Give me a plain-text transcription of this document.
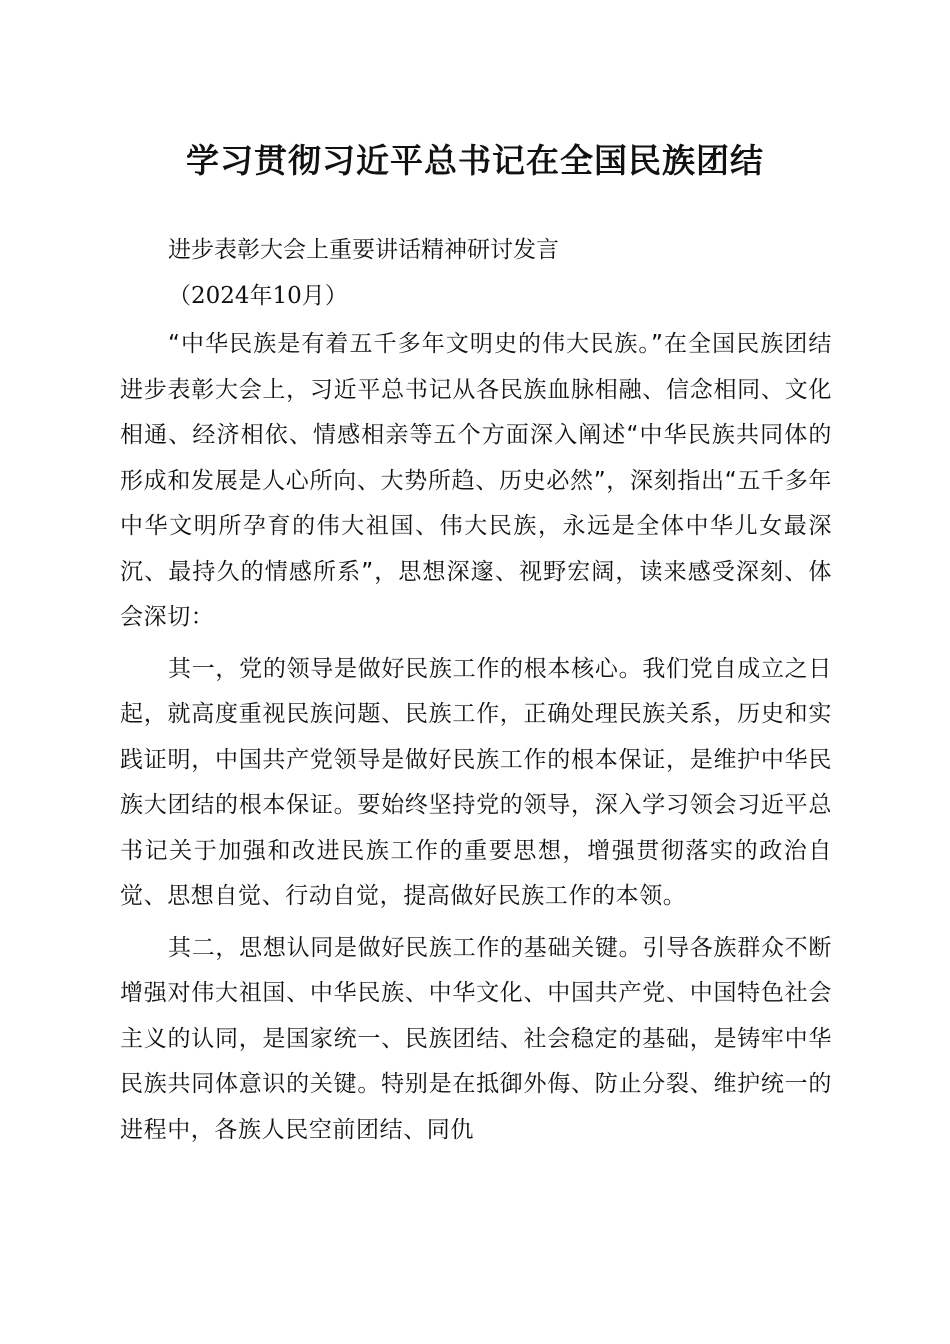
学习贯彻习近平总书记在全国民族团结
进步表彰大会上重要讲话精神研讨发言
（2024年10月）

“中华民族是有着五千多年文明史的伟大民族。”在全国民族团结进步表彰大会上，习近平总书记从各民族血脉相融、信念相同、文化相通、经济相依、情感相亲等五个方面深入阐述“中华民族共同体的形成和发展是人心所向、大势所趋、历史必然”，深刻指出“五千多年中华文明所孕育的伟大祖国、伟大民族，永远是全体中华儿女最深沉、最持久的情感所系”，思想深邃、视野宏阔，读来感受深刻、体会深切：

其一，党的领导是做好民族工作的根本核心。我们党自成立之日起，就高度重视民族问题、民族工作，正确处理民族关系，历史和实践证明，中国共产党领导是做好民族工作的根本保证，是维护中华民族大团结的根本保证。要始终坚持党的领导，深入学习领会习近平总书记关于加强和改进民族工作的重要思想，增强贯彻落实的政治自觉、思想自觉、行动自觉，提高做好民族工作的本领。

其二，思想认同是做好民族工作的基础关键。引导各族群众不断增强对伟大祖国、中华民族、中华文化、中国共产党、中国特色社会主义的认同，是国家统一、民族团结、社会稳定的基础，是铸牢中华民族共同体意识的关键。特别是在抵御外侮、防止分裂、维护统一的进程中，各族人民空前团结、同仇
